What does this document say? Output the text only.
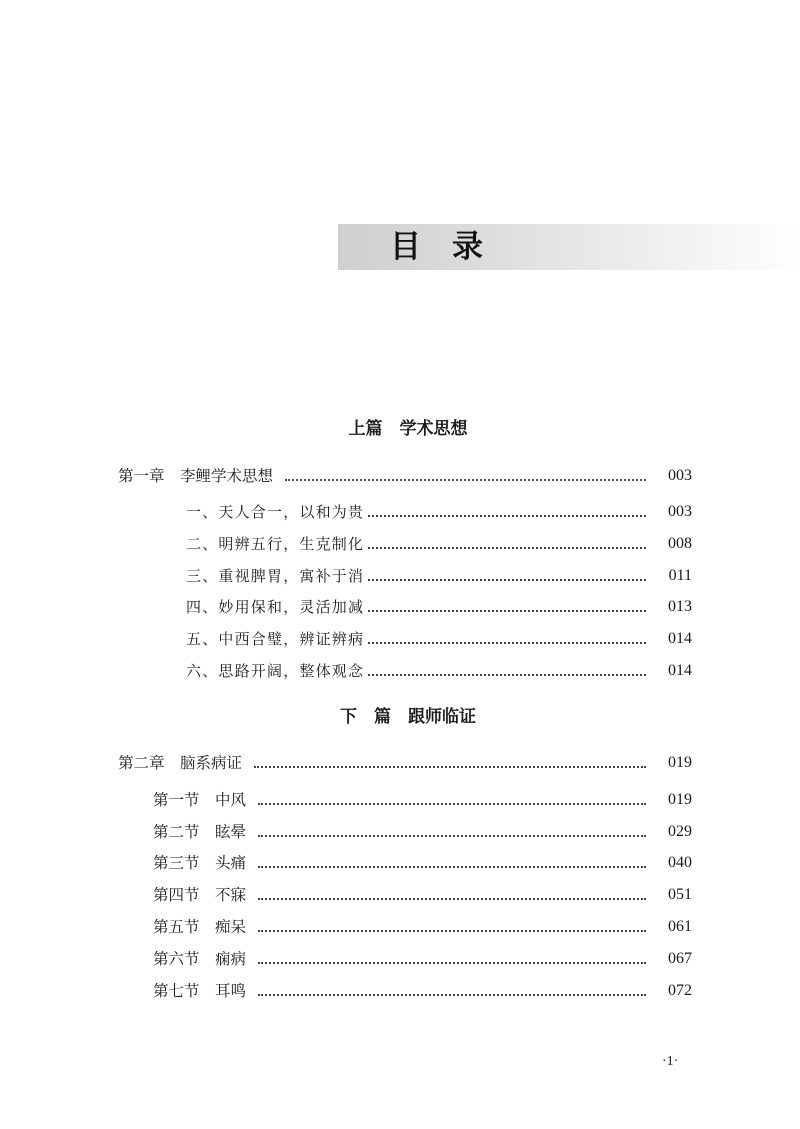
目　录
上篇　学术思想
第一章　李鲤学术思想	003
一、天人合一，以和为贵	003
二、明辨五行，生克制化	008
三、重视脾胃，寓补于消	011
四、妙用保和，灵活加减	013
五、中西合璧，辨证辨病	014
六、思路开阔，整体观念	014
下　篇　跟师临证
第二章　脑系病证	019
第一节　中风	019
第二节　眩晕	029
第三节　头痛	040
第四节　不寐	051
第五节　痴呆	061
第六节　痫病	067
第七节　耳鸣	072
·1·
